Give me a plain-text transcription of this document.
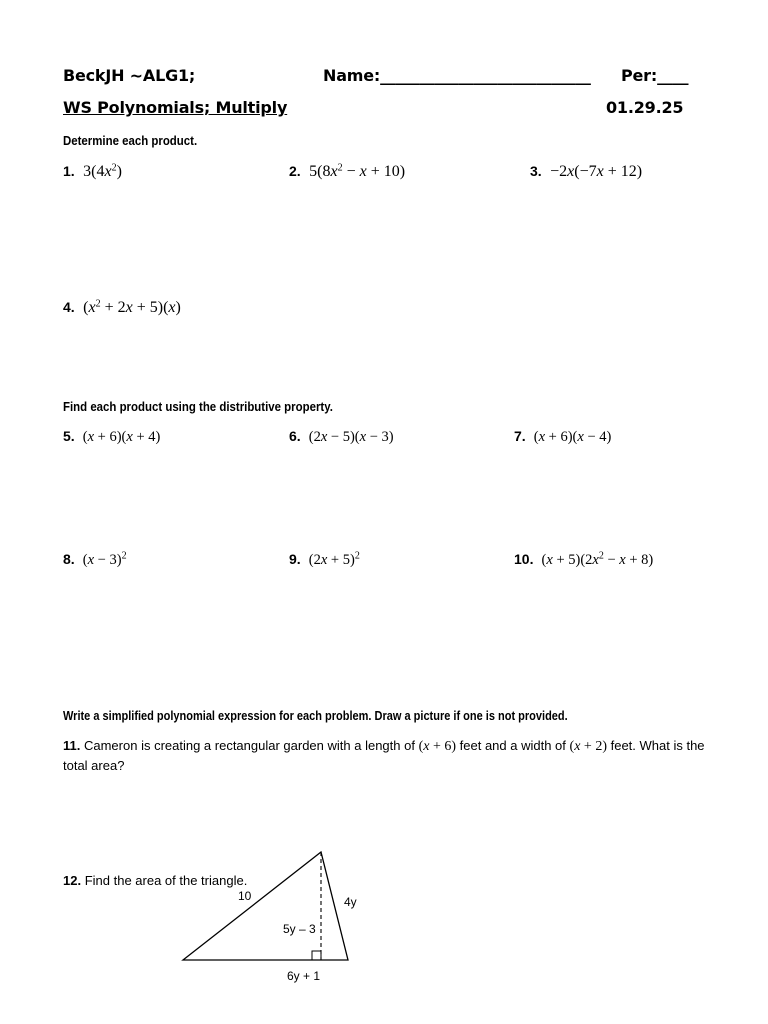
BeckJH ~ALG1;	Name:___________________________ Per:____
WS Polynomials; Multiply	01.29.25
Determine each product.
1.  $3(4x^2)$	2.  $5(8x^2 - x + 10)$	3.  −2x(−7x + 12)
4.  $(x^2 + 2x + 5)(x)$
Find each product using the distributive property.
5.  (x + 6)(x + 4)	6.  (2x − 5)(x − 3)	7.  (x + 6)(x − 4)
8.  $(x - 3)^2$	9.  $(2x + 5)^2$	10.  $(x + 5)(2x^2 - x + 8)$
Write a simplified polynomial expression for each problem. Draw a picture if one is not provided.
11. Cameron is creating a rectangular garden with a length of (x + 6) feet and a width of (x + 2) feet. What is the
total area?
12. Find the area of the triangle.
10	4y
5y – 3
6y + 1
